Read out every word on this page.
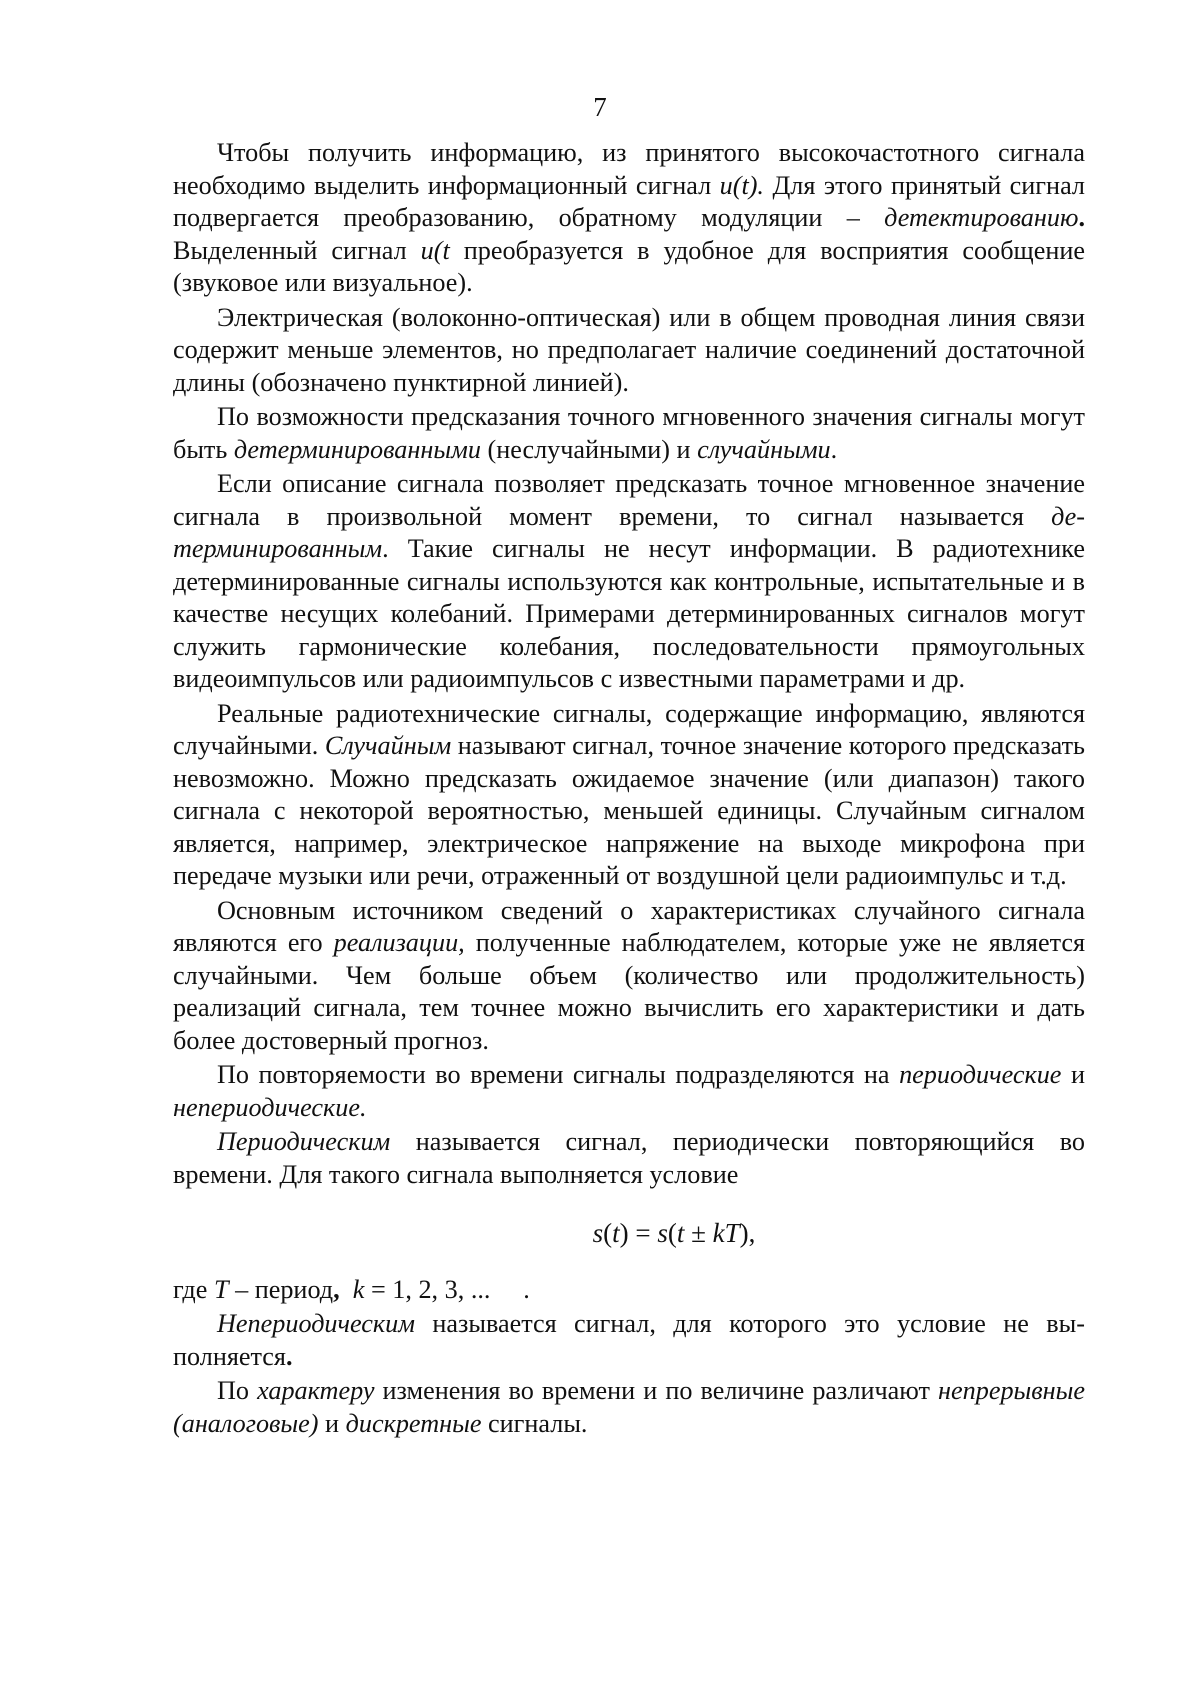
7

Чтобы получить информацию, из принятого высокочастотного сигнала необходимо выделить информационный сигнал u(t). Для этого принятый сигнал подвергается преобразованию, обратному модуляции – детектиро­ванию. Выделенный сигнал u(t преобразуется в удобное для восприятия сообщение (звуковое или визуальное).

Электрическая (волоконно-оптическая) или в общем проводная линия связи содержит меньше элементов, но предполагает наличие соединений достаточной длины (обозначено пунктирной линией).

По возможности предсказания точного мгновенного значения сигналы могут быть детерминированными (неслучайными) и случайными.

Если описание сигнала позволяет предсказать точное мгновенное зна­чение сигнала в произвольной момент времени, то сигнал называется де­терминированным. Такие сигналы не несут информации. В радиотехнике детерминированные сигналы используются как контрольные, испытатель­ные и в качестве несущих колебаний. Примерами детерминированных сиг­налов могут служить гармонические колебания, последовательности пря­моугольных видеоимпульсов или радиоимпульсов с известными парамет­рами и др.

Реальные радиотехнические сигналы, содержащие информацию, явля­ются случайными. Случайным называют сигнал, точное значение которого предсказать невозможно. Можно предсказать ожидаемое значение (или диапазон) такого сигнала с некоторой вероятностью, меньшей единицы. Случайным сигналом является, например, электрическое напряжение на выходе микрофона при передаче музыки или речи, отраженный от воз­душной цели радиоимпульс и т.д.

Основным источником сведений о характеристиках случайного сигнала являются его реализации, полученные наблюдателем, которые уже не яв­ляется случайными. Чем больше объем (количество или продолжитель­ность) реализаций сигнала, тем точнее можно вычислить его характери­стики и дать более достоверный прогноз.

По повторяемости во времени сигналы подразделяются на периодиче­ские и непериодические.

Периодическим называется сигнал, периодически повторяющийся во времени. Для такого сигнала выполняется условие

s(t) = s(t ± kT),

где T – период, k = 1, 2, 3, ...     .

Непериодическим называется сигнал, для которого это условие не вы­полняется.

По характеру изменения во времени и по величине различают непре­рывные (аналоговые) и дискретные сигналы.
